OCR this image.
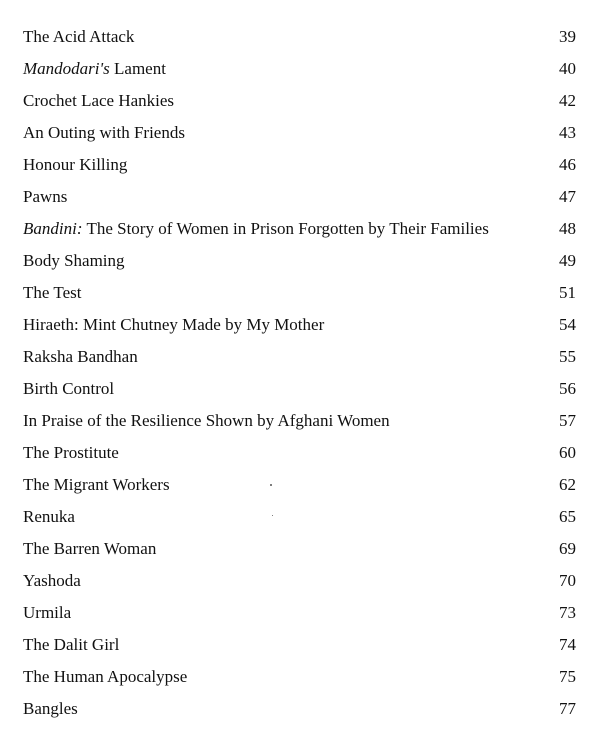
The Acid Attack	39
Mandodari's Lament	40
Crochet Lace Hankies	42
An Outing with Friends	43
Honour Killing	46
Pawns	47
Bandini: The Story of Women in Prison Forgotten by Their Families	48
Body Shaming	49
The Test	51
Hiraeth: Mint Chutney Made by My Mother	54
Raksha Bandhan	55
Birth Control	56
In Praise of the Resilience Shown by Afghani Women	57
The Prostitute	60
The Migrant Workers	62
Renuka	65
The Barren Woman	69
Yashoda	70
Urmila	73
The Dalit Girl	74
The Human Apocalypse	75
Bangles	77
